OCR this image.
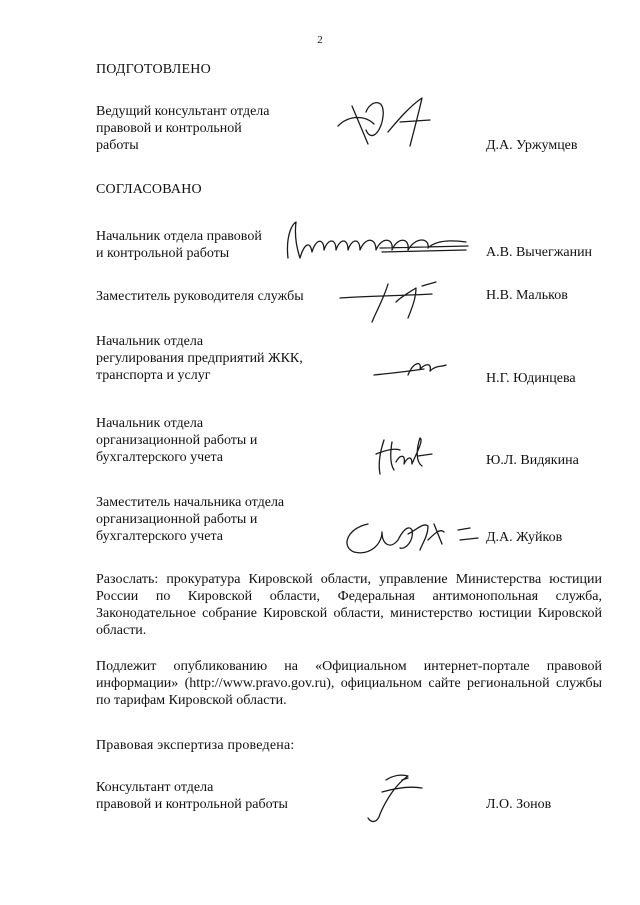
2
ПОДГОТОВЛЕНО
Ведущий консультант отдела
правовой и контрольной
работы	Д.А. Уржумцев
СОГЛАСОВАНО
Начальник отдела правовой
и контрольной работы	А.В. Вычегжанин
Заместитель руководителя службы	Н.В. Мальков
Начальник отдела
регулирования предприятий ЖКК,
транспорта и услуг	Н.Г. Юдинцева
Начальник отдела
организационной работы и
бухгалтерского учета	Ю.Л. Видякина
Заместитель начальника отдела
организационной работы и
бухгалтерского учета	Д.А. Жуйков
Разослать: прокуратура Кировской области, управление Министерства юстиции России по Кировской области, Федеральная антимонопольная служба, Законодательное собрание Кировской области, министерство юстиции Кировской области.
Подлежит опубликованию на «Официальном интернет-портале правовой информации» (http://www.pravo.gov.ru), официальном сайте региональной службы по тарифам Кировской области.
Правовая экспертиза проведена:
Консультант отдела
правовой и контрольной работы	Л.О. Зонов
